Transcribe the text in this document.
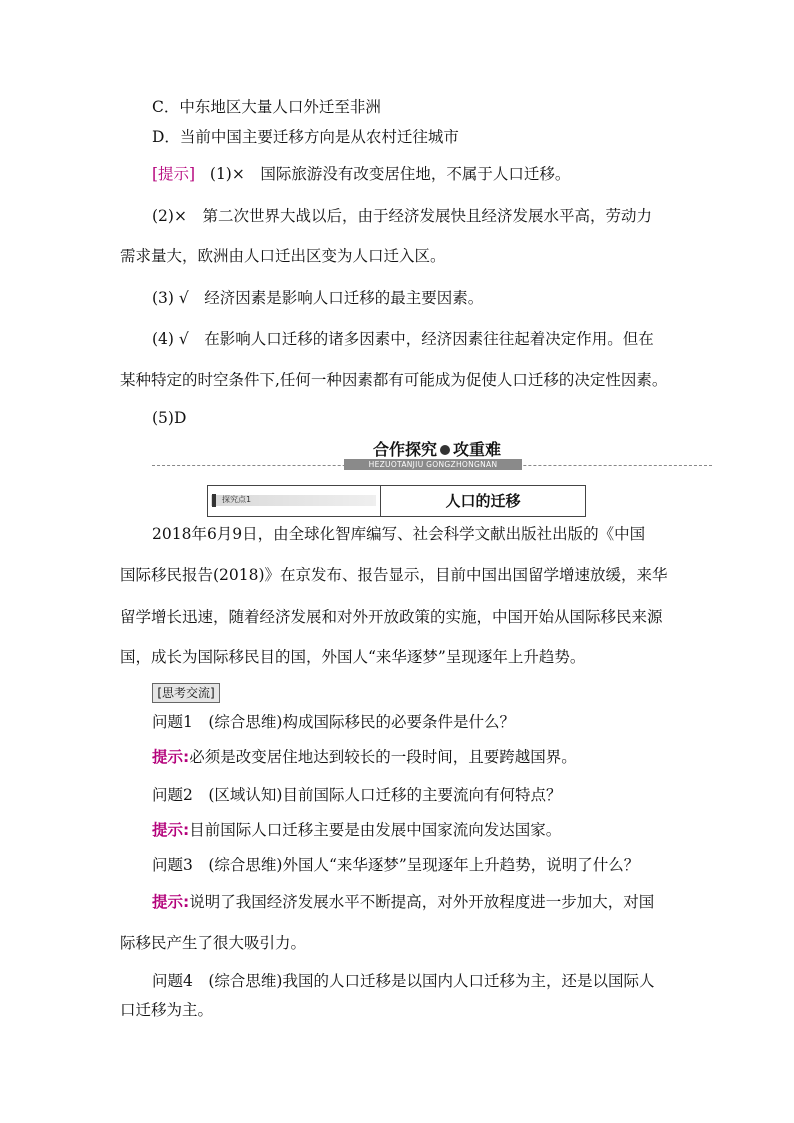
C．中东地区大量人口外迁至非洲
D．当前中国主要迁移方向是从农村迁往城市
[提示] (1)×　国际旅游没有改变居住地，不属于人口迁移。
(2)×　第二次世界大战以后，由于经济发展快且经济发展水平高，劳动力
需求量大，欧洲由人口迁出区变为人口迁入区。
(3) √　经济因素是影响人口迁移的最主要因素。
(4) √　在影响人口迁移的诸多因素中，经济因素往往起着决定作用。但在
某种特定的时空条件下,任何一种因素都有可能成为促使人口迁移的决定性因素。
(5)D
合作探究 攻重难
HEZUOTANJIU GONGZHONGNAN
探究点1	人口的迁移
2018年6月9日，由全球化智库编写、社会科学文献出版社出版的《中国
国际移民报告(2018)》在京发布、报告显示，目前中国出国留学增速放缓，来华
留学增长迅速，随着经济发展和对外开放政策的实施，中国开始从国际移民来源
国，成长为国际移民目的国，外国人“来华逐梦”呈现逐年上升趋势。
[思考交流]
问题1　(综合思维)构成国际移民的必要条件是什么？
提示:必须是改变居住地达到较长的一段时间，且要跨越国界。
问题2　(区域认知)目前国际人口迁移的主要流向有何特点？
提示:目前国际人口迁移主要是由发展中国家流向发达国家。
问题3　(综合思维)外国人“来华逐梦”呈现逐年上升趋势，说明了什么？
提示:说明了我国经济发展水平不断提高，对外开放程度进一步加大，对国
际移民产生了很大吸引力。
问题4　(综合思维)我国的人口迁移是以国内人口迁移为主，还是以国际人
口迁移为主。
